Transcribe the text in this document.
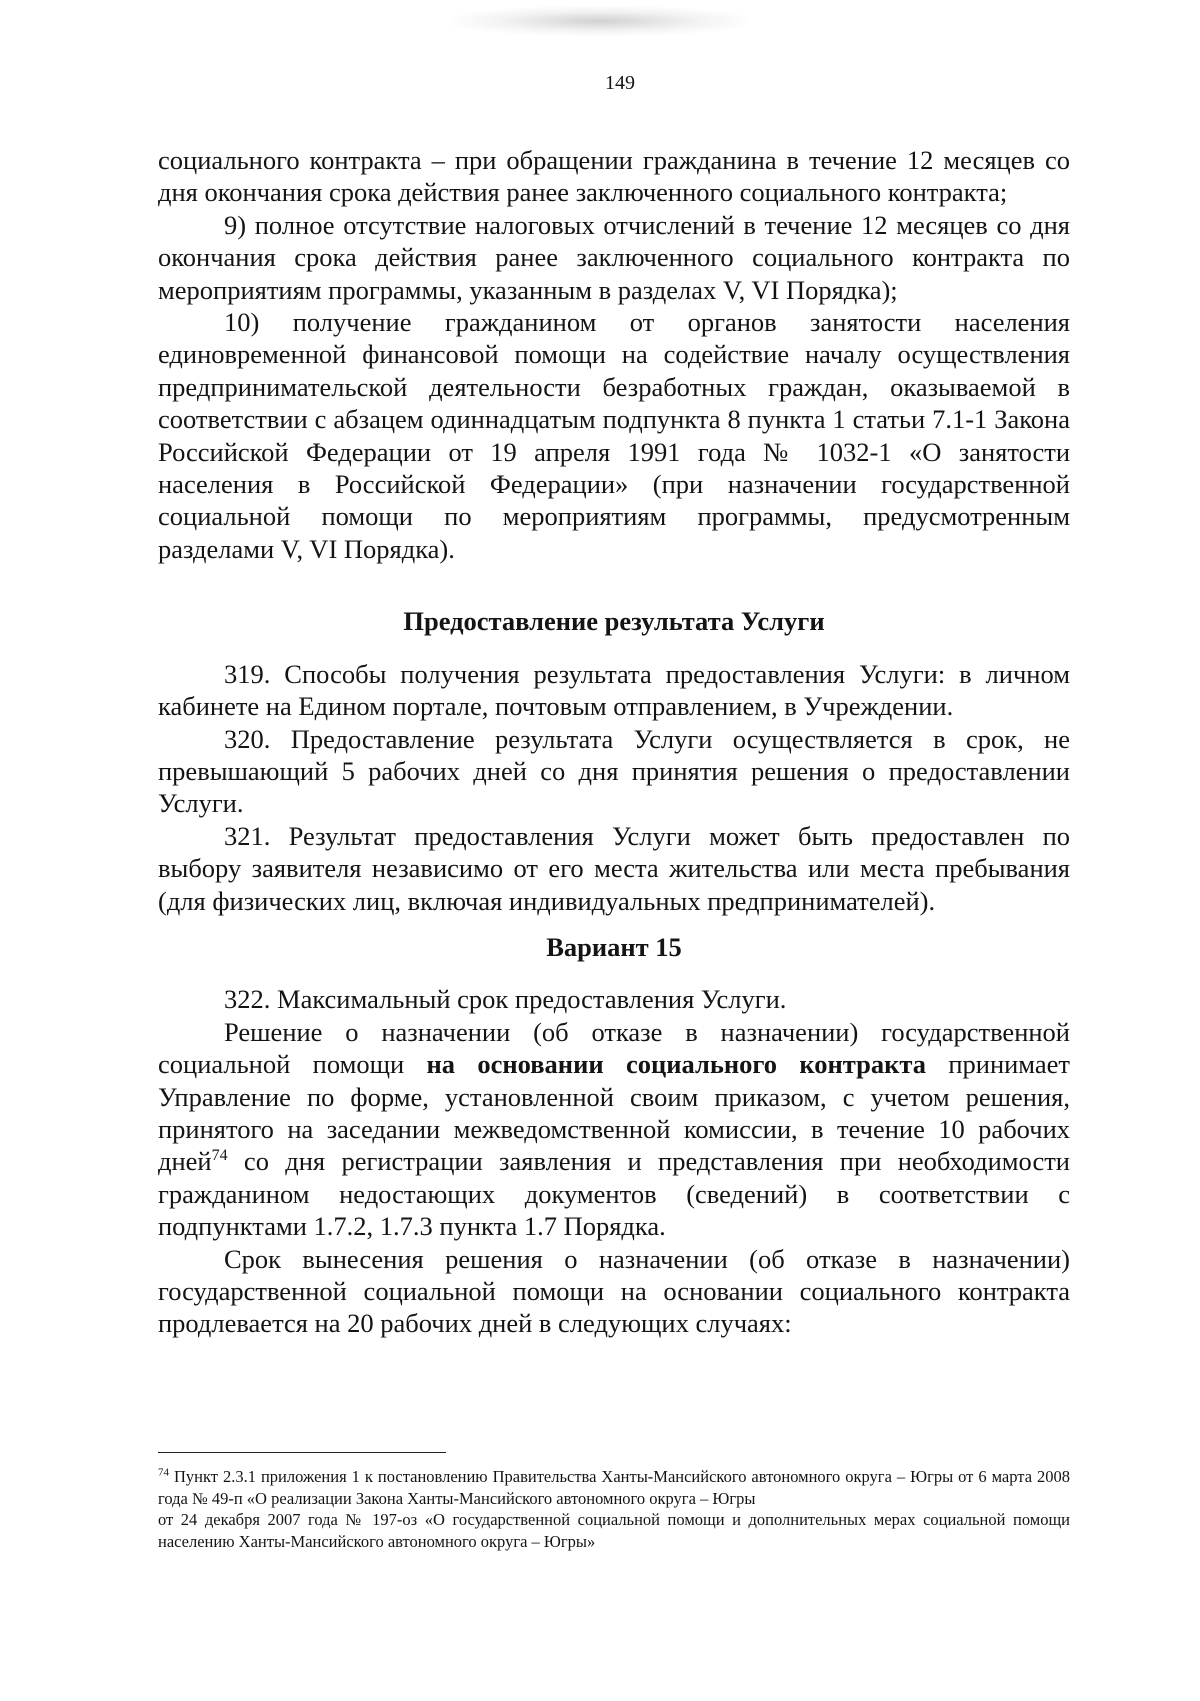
149

социального контракта – при обращении гражданина в течение 12 месяцев со дня окончания срока действия ранее заключенного социального контракта;

9) полное отсутствие налоговых отчислений в течение 12 месяцев со дня окончания срока действия ранее заключенного социального контракта по мероприятиям программы, указанным в разделах V, VI Порядка);

10) получение гражданином от органов занятости населения единовременной финансовой помощи на содействие началу осуществления предпринимательской деятельности безработных граждан, оказываемой в соответствии с абзацем одиннадцатым подпункта 8 пункта 1 статьи 7.1-1 Закона Российской Федерации от 19 апреля 1991 года № 1032-1 «О занятости населения в Российской Федерации» (при назначении государственной социальной помощи по мероприятиям программы, предусмотренным разделами V, VI Порядка).

Предоставление результата Услуги

319. Способы получения результата предоставления Услуги: в личном кабинете на Едином портале, почтовым отправлением, в Учреждении.

320. Предоставление результата Услуги осуществляется в срок, не превышающий 5 рабочих дней со дня принятия решения о предоставлении Услуги.

321. Результат предоставления Услуги может быть предоставлен по выбору заявителя независимо от его места жительства или места пребывания (для физических лиц, включая индивидуальных предпринимателей).

Вариант 15

322. Максимальный срок предоставления Услуги.

Решение о назначении (об отказе в назначении) государственной социальной помощи на основании социального контракта принимает Управление по форме, установленной своим приказом, с учетом решения, принятого на заседании межведомственной комиссии, в течение 10 рабочих дней$^{74}$ со дня регистрации заявления и представления при необходимости гражданином недостающих документов (сведений) в соответствии с подпунктами 1.7.2, 1.7.3 пункта 1.7 Порядка.

Срок вынесения решения о назначении (об отказе в назначении) государственной социальной помощи на основании социального контракта продлевается на 20 рабочих дней в следующих случаях:

$^{74}$ Пункт 2.3.1 приложения 1 к постановлению Правительства Ханты-Мансийского автономного округа – Югры от 6 марта 2008 года № 49-п «О реализации Закона Ханты-Мансийского автономного округа – Югры

от 24 декабря 2007 года № 197-оз «О государственной социальной помощи и дополнительных мерах социальной помощи населению Ханты-Мансийского автономного округа – Югры»
